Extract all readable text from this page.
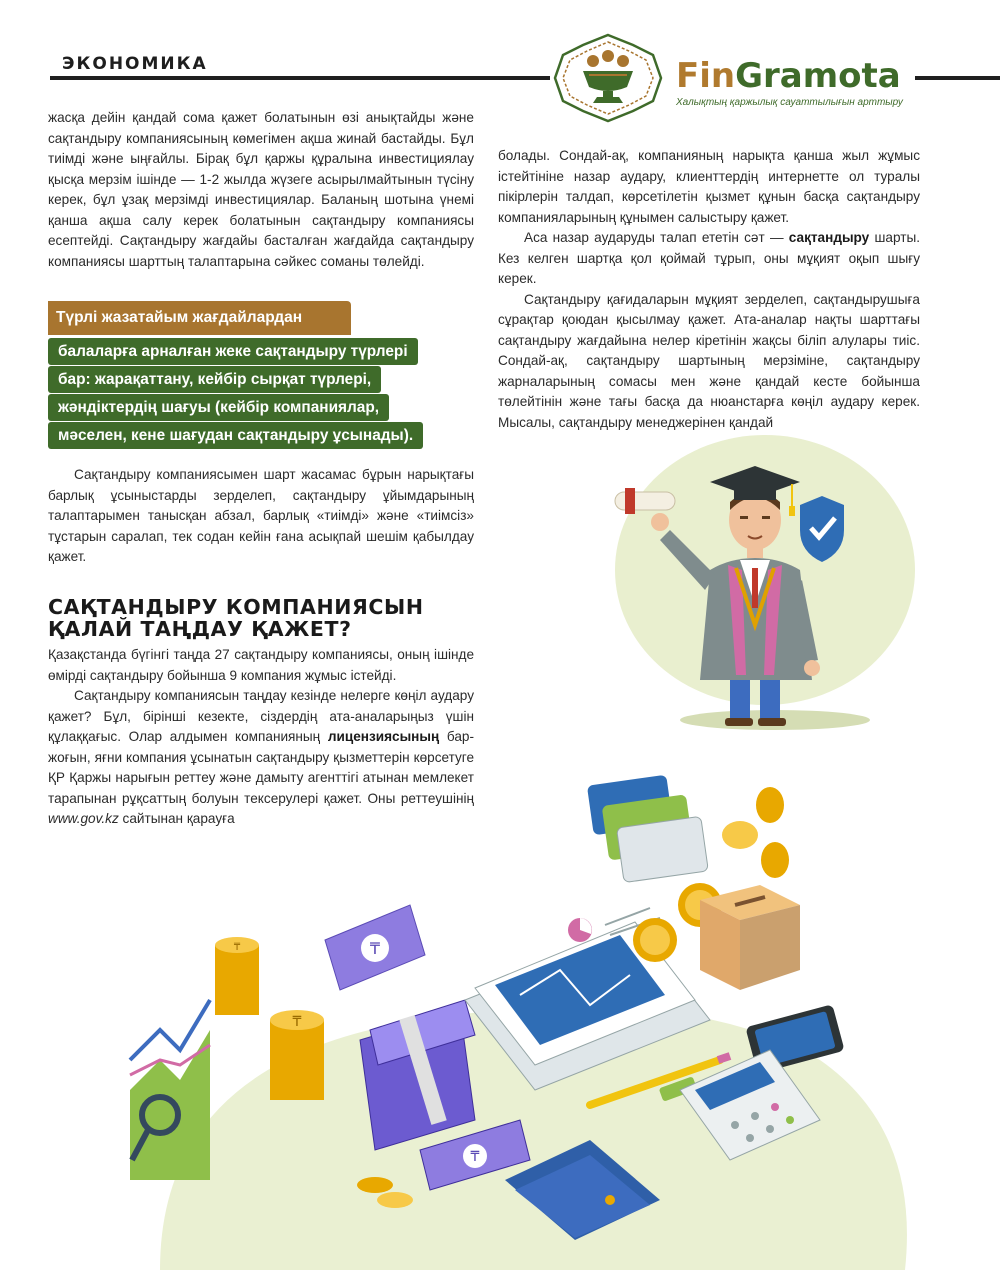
ЭКОНОМИКА	FinGramota
Халықтың қаржылық сауаттылығын арттыру

жасқа дейін қандай сома қажет болатынын өзі анықтайды және сақтандыру компаниясының көмегімен ақша жинай бастайды. Бұл тиімді және ыңғайлы. Бірақ бұл қаржы құралына инвестициялау қысқа мерзім ішінде — 1-2 жылда жүзеге асырылмайтынын түсіну керек, бұл ұзақ мерзімді инвестициялар. Баланың шотына үнемі қанша ақша салу керек болатынын сақтандыру компаниясы есептейді. Сақтандыру жағдайы басталған жағдайда сақтандыру компаниясы шарттың талаптарына сәйкес соманы төлейді.

Түрлі жазатайым жағдайлардан
балаларға арналған жеке сақтандыру түрлері
бар: жарақаттану, кейбір сырқат түрлері,
жәндіктердің шағуы (кейбір компаниялар,
мәселен, кене шағудан сақтандыру ұсынады).

Сақтандыру компаниясымен шарт жасамас бұрын нарықтағы барлық ұсыныстарды зерделеп, сақтандыру ұйымдарының талаптарымен танысқан абзал, барлық «тиімді» және «тиімсіз» тұстарын саралап, тек содан кейін ғана асықпай шешім қабылдау қажет.

САҚТАНДЫРУ КОМПАНИЯСЫН ҚАЛАЙ ТАҢДАУ ҚАЖЕТ?

Қазақстанда бүгінгі таңда 27 сақтандыру компаниясы, оның ішінде өмірді сақтандыру бойынша 9 компания жұмыс істейді.

Сақтандыру компаниясын таңдау кезінде нелерге көңіл аудару қажет? Бұл, бірінші кезекте, сіздердің ата-аналарыңыз үшін құлаққағыс. Олар алдымен компанияның лицензиясының бар-жоғын, яғни компания ұсынатын сақтандыру қызметтерін көрсетуге ҚР Қаржы нарығын реттеу және дамыту агенттігі атынан мемлекет тарапынан рұқсаттың болуын тексерулері қажет. Оны реттеушінің www.gov.kz сайтынан қарауға

болады. Сондай-ақ, компанияның нарықта қанша жыл жұмыс істейтініне назар аудару, клиенттердің интернетте ол туралы пікірлерін талдап, көрсетілетін қызмет құнын басқа сақтандыру компанияларының құнымен салыстыру қажет.

Аса назар аударуды талап ететін сәт — сақтандыру шарты. Кез келген шартқа қол қоймай тұрып, оны мұқият оқып шығу керек.

Сақтандыру қағидаларын мұқият зерделеп, сақтандырушыға сұрақтар қоюдан қысылмау қажет. Ата-аналар нақты шарттағы сақтандыру жағдайына нелер кіретінін жақсы біліп алулары тиіс. Сондай-ақ, сақтандыру шартының мерзіміне, сақтандыру жарналарының сомасы мен және қандай кесте бойынша төлейтінін және тағы басқа да нюанстарға көңіл аудару керек. Мысалы, сақтандыру менеджерінен қандай

₸
₸
₸
₸
